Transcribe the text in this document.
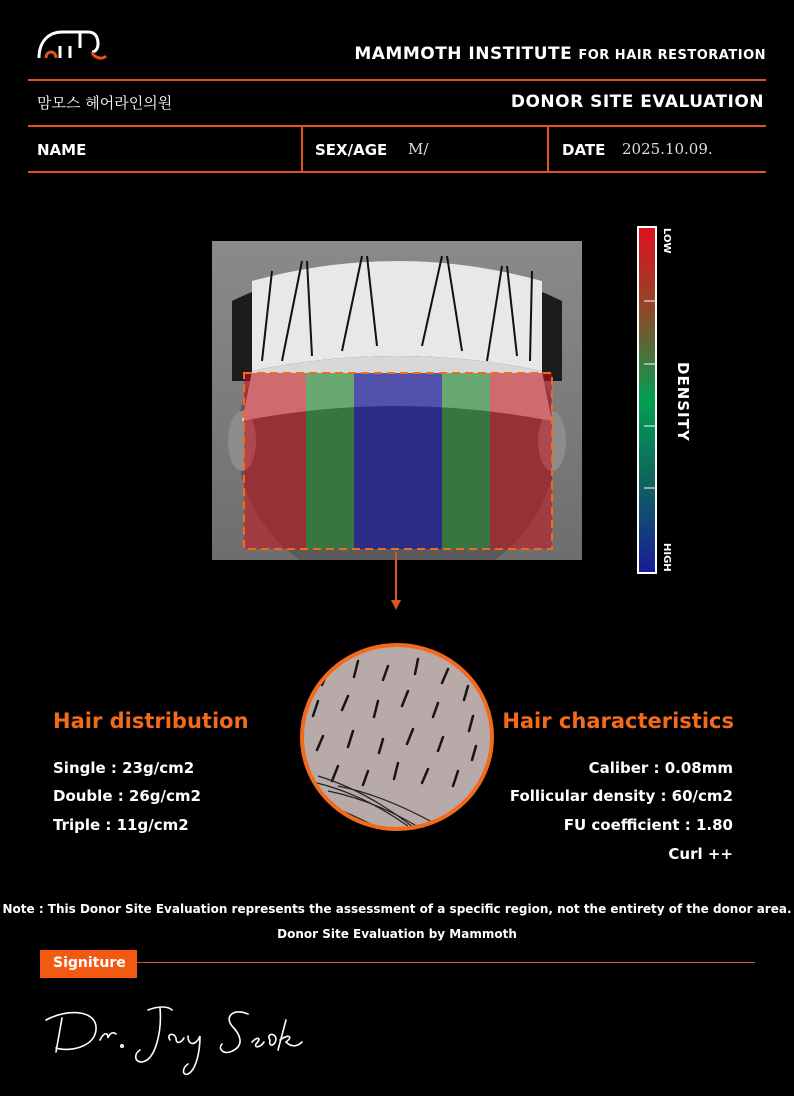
MAMMOTH INSTITUTE FOR HAIR RESTORATION
맘모스 헤어라인의원	DONOR SITE EVALUATION
NAME	SEX/AGE M/	DATE 2025.10.09.
LOW
HIGH
DENSITY
Hair distribution
Single : 23g/cm2
Double : 26g/cm2
Triple : 11g/cm2
Hair characteristics
Caliber : 0.08mm
Follicular density : 60/cm2
FU coefficient : 1.80
Curl ++
Note : This Donor Site Evaluation represents the assessment of a specific region, not the entirety of the donor area.
Donor Site Evaluation by Mammoth
Signiture
